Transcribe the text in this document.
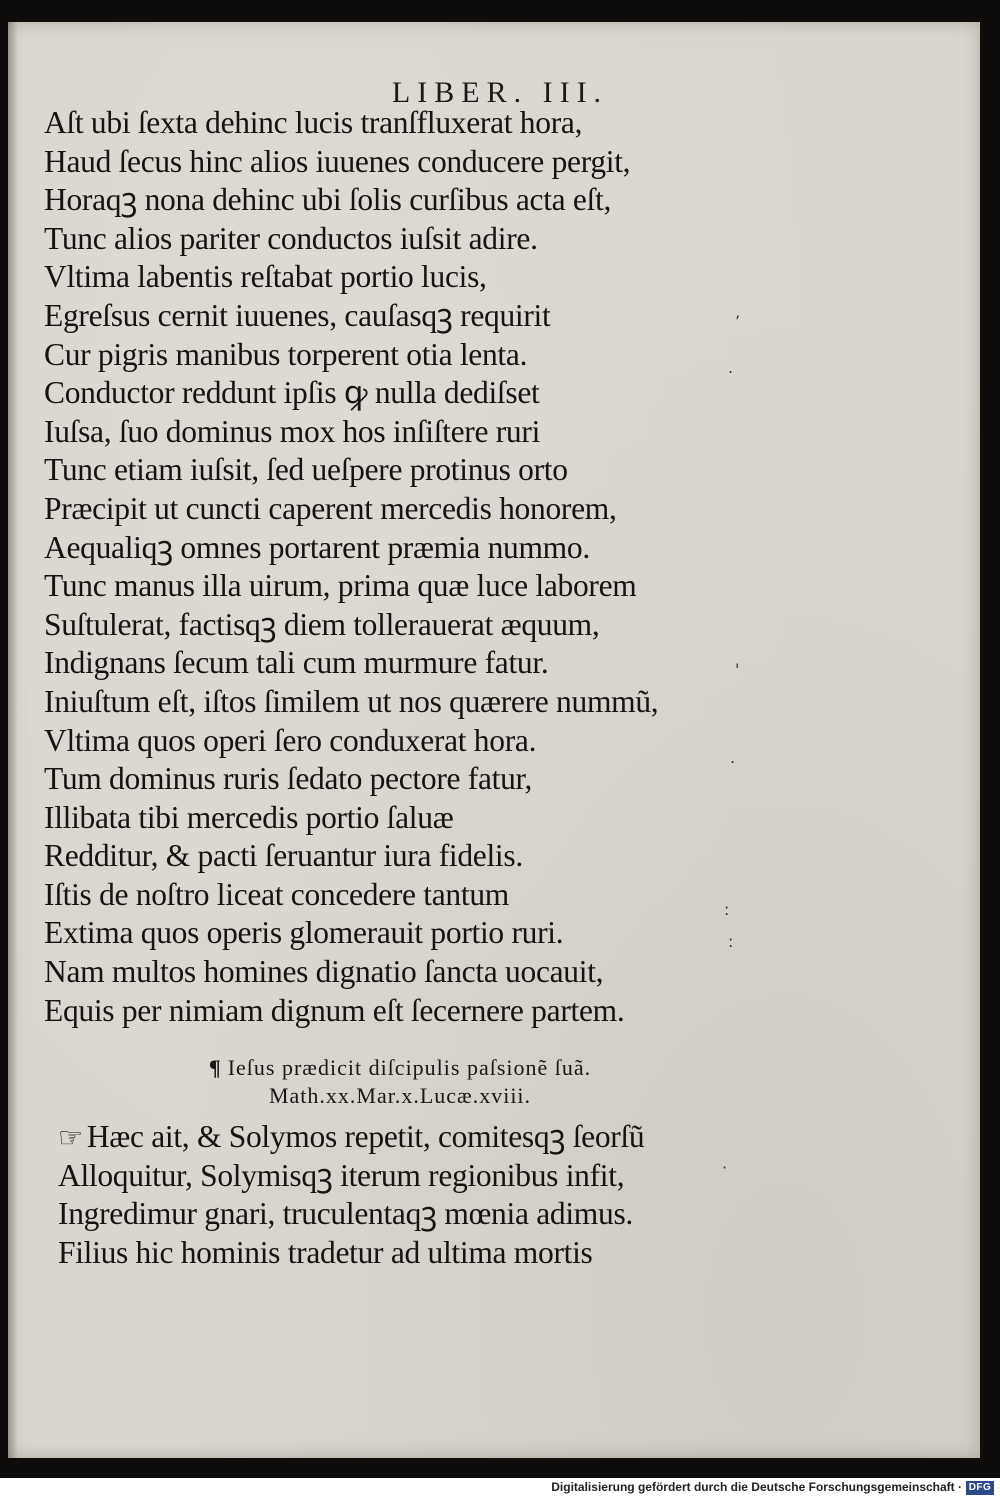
LIBER. III.
Aſt ubi ſexta dehinc lucis tranſfluxerat hora,
Haud ſecus hinc alios iuuenes conducere pergit,
Horaqꝫ nona dehinc ubi ſolis curſibus acta eſt,
Tunc alios pariter conductos iuſsit adire.
Vltima labentis reſtabat portio lucis,
Egreſsus cernit iuuenes, cauſasqꝫ requirit
Cur pigris manibus torperent otia lenta.
Conductor reddunt ipſis ꝙ nulla dediſset
Iuſsa, ſuo dominus mox hos inſiſtere ruri
Tunc etiam iuſsit, ſed ueſpere protinus orto
Præcipit ut cuncti caperent mercedis honorem,
Aequaliqꝫ omnes portarent præmia nummo.
Tunc manus illa uirum, prima quæ luce laborem
Suſtulerat, factisqꝫ diem tollerauerat æquum,
Indignans ſecum tali cum murmure fatur.
Iniuſtum eſt, iſtos ſimilem ut nos quærere nummũ,
Vltima quos operi ſero conduxerat hora.
Tum dominus ruris ſedato pectore fatur,
Illibata tibi mercedis portio ſaluæ
Redditur, & pacti ſeruantur iura fidelis.
Iſtis de noſtro liceat concedere tantum
Extima quos operis glomerauit portio ruri.
Nam multos homines dignatio ſancta uocauit,
Equis per nimiam dignum eſt ſecernere partem.
¶ Ieſus prædicit diſcipulis paſsionẽ ſuã.
Math.xx.Mar.x.Lucæ.xviii.
☞ Hæc ait, & Solymos repetit, comitesqꝫ ſeorſũ
Alloquitur, Solymisqꝫ iterum regionibus infit,
Ingredimur gnari, truculentaqꝫ mœnia adimus.
Filius hic hominis tradetur ad ultima mortis
’
.
'
.
:
:
·
Digitalisierung gefördert durch die Deutsche Forschungsgemeinschaft · DFG
